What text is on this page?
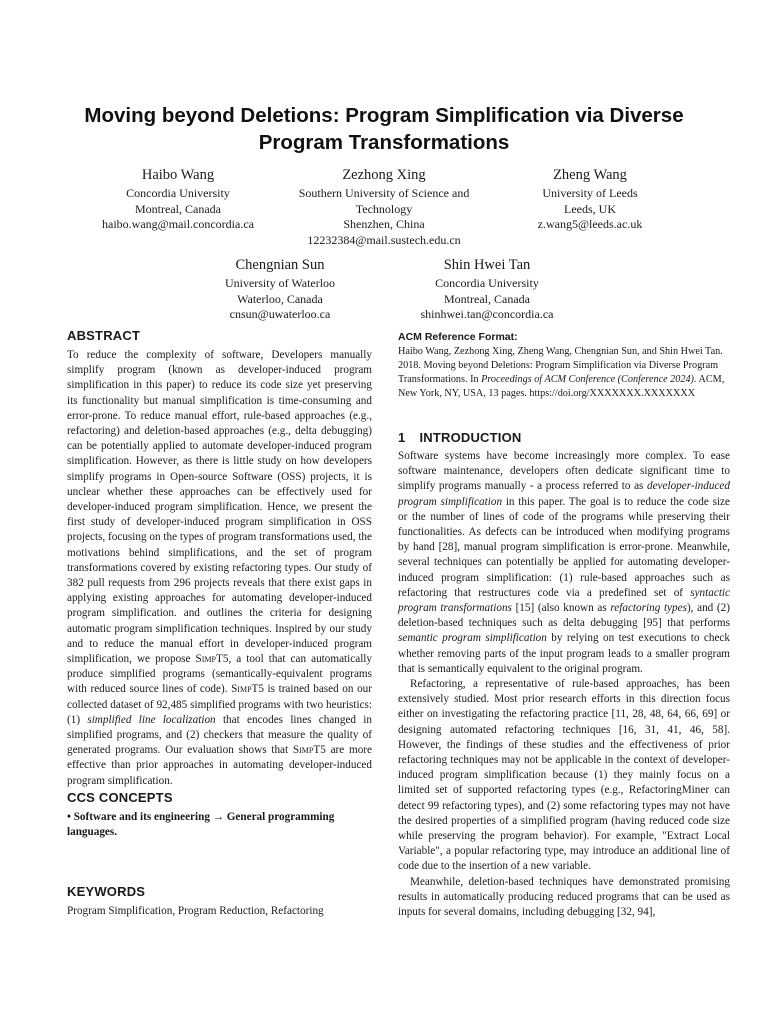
Moving beyond Deletions: Program Simplification via Diverse Program Transformations
Haibo Wang
Concordia University
Montreal, Canada
haibo.wang@mail.concordia.ca
Zezhong Xing
Southern University of Science and Technology
Shenzhen, China
12232384@mail.sustech.edu.cn
Zheng Wang
University of Leeds
Leeds, UK
z.wang5@leeds.ac.uk
Chengnian Sun
University of Waterloo
Waterloo, Canada
cnsun@uwaterloo.ca
Shin Hwei Tan
Concordia University
Montreal, Canada
shinhwei.tan@concordia.ca
ABSTRACT

To reduce the complexity of software, Developers manually simplify program (known as developer-induced program simplification in this paper) to reduce its code size yet preserving its functionality but manual simplification is time-consuming and error-prone. To reduce manual effort, rule-based approaches (e.g., refactoring) and deletion-based approaches (e.g., delta debugging) can be potentially applied to automate developer-induced program simplification. However, as there is little study on how developers simplify programs in Open-source Software (OSS) projects, it is unclear whether these approaches can be effectively used for developer-induced program simplification. Hence, we present the first study of developer-induced program simplification in OSS projects, focusing on the types of program transformations used, the motivations behind simplifications, and the set of program transformations covered by existing refactoring types. Our study of 382 pull requests from 296 projects reveals that there exist gaps in applying existing approaches for automating developer-induced program simplification. and outlines the criteria for designing automatic program simplification techniques. Inspired by our study and to reduce the manual effort in developer-induced program simplification, we propose SimpT5, a tool that can automatically produce simplified programs (semantically-equivalent programs with reduced source lines of code). SimpT5 is trained based on our collected dataset of 92,485 simplified programs with two heuristics: (1) simplified line localization that encodes lines changed in simplified programs, and (2) checkers that measure the quality of generated programs. Our evaluation shows that SimpT5 are more effective than prior approaches in automating developer-induced program simplification.

CCS CONCEPTS

• Software and its engineering → General programming languages.

KEYWORDS

Program Simplification, Program Reduction, Refactoring

ACM Reference Format:

Haibo Wang, Zezhong Xing, Zheng Wang, Chengnian Sun, and Shin Hwei Tan. 2018. Moving beyond Deletions: Program Simplification via Diverse Program Transformations. In Proceedings of ACM Conference (Conference 2024). ACM, New York, NY, USA, 13 pages. https://doi.org/XXXXXXX.XXXXXXX

1 INTRODUCTION

Software systems have become increasingly more complex. To ease software maintenance, developers often dedicate significant time to simplify programs manually - a process referred to as developer-induced program simplification in this paper. The goal is to reduce the code size or the number of lines of code of the programs while preserving their functionalities. As defects can be introduced when modifying programs by hand [28], manual program simplification is error-prone. Meanwhile, several techniques can potentially be applied for automating developer-induced program simplification: (1) rule-based approaches such as refactoring that restructures code via a predefined set of syntactic program transformations [15] (also known as refactoring types), and (2) deletion-based techniques such as delta debugging [95] that performs semantic program simplification by relying on test executions to check whether removing parts of the input program leads to a smaller program that is semantically equivalent to the original program.

Refactoring, a representative of rule-based approaches, has been extensively studied. Most prior research efforts in this direction focus either on investigating the refactoring practice [11, 28, 48, 64, 66, 69] or designing automated refactoring techniques [16, 31, 41, 46, 58]. However, the findings of these studies and the effectiveness of prior refactoring techniques may not be applicable in the context of developer-induced program simplification because (1) they mainly focus on a limited set of supported refactoring types (e.g., RefactoringMiner can detect 99 refactoring types), and (2) some refactoring types may not have the desired properties of a simplified program (having reduced code size while preserving the program behavior). For example, "Extract Local Variable", a popular refactoring type, may introduce an additional line of code due to the insertion of a new variable.

Meanwhile, deletion-based techniques have demonstrated promising results in automatically producing reduced programs that can be used as inputs for several domains, including debugging [32, 94],
